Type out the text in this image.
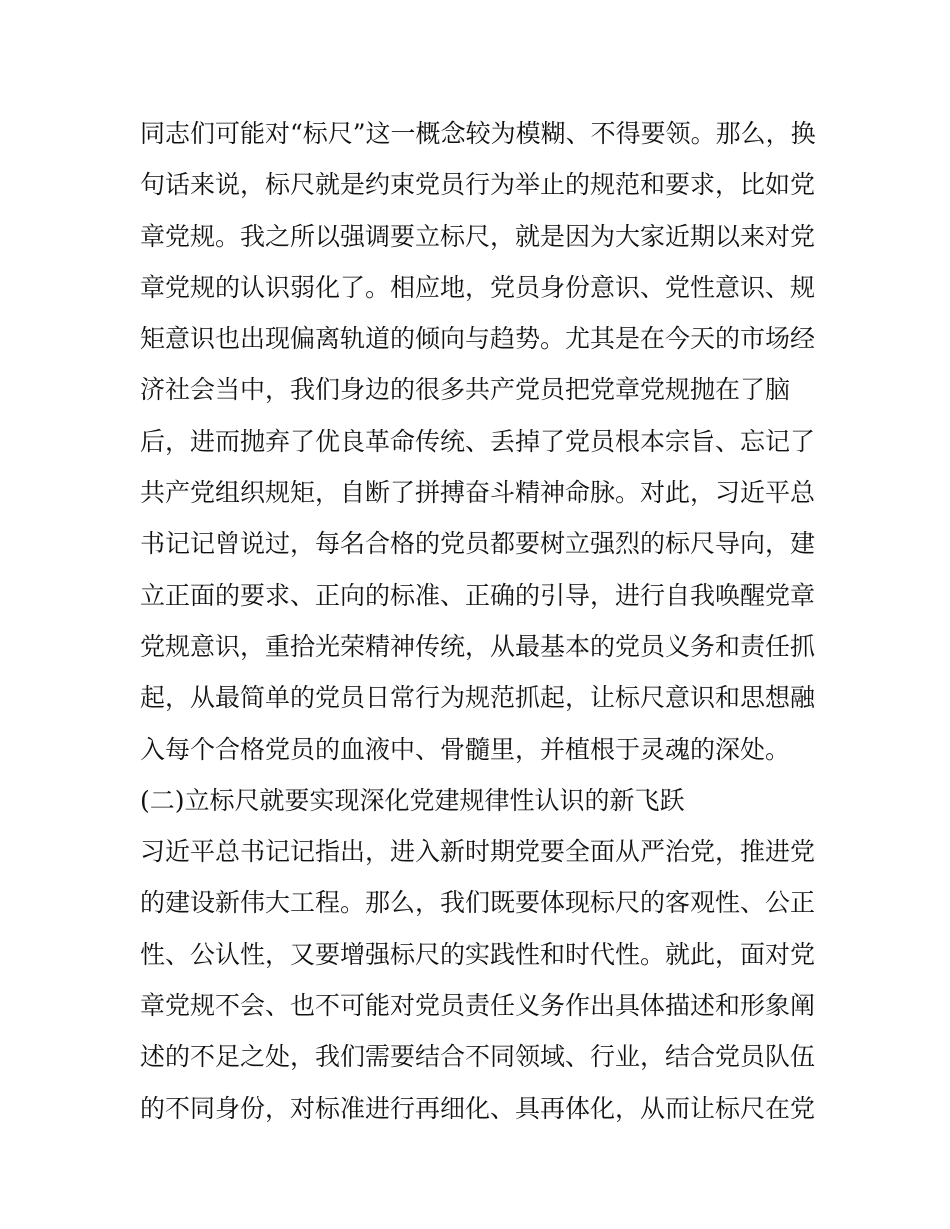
同志们可能对“标尺”这一概念较为模糊、不得要领。那么，换
句话来说，标尺就是约束党员行为举止的规范和要求，比如党
章党规。我之所以强调要立标尺，就是因为大家近期以来对党
章党规的认识弱化了。相应地，党员身份意识、党性意识、规
矩意识也出现偏离轨道的倾向与趋势。尤其是在今天的市场经
济社会当中，我们身边的很多共产党员把党章党规抛在了脑
后，进而抛弃了优良革命传统、丢掉了党员根本宗旨、忘记了
共产党组织规矩，自断了拼搏奋斗精神命脉。对此，习近平总
书记记曾说过，每名合格的党员都要树立强烈的标尺导向，建
立正面的要求、正向的标准、正确的引导，进行自我唤醒党章
党规意识，重拾光荣精神传统，从最基本的党员义务和责任抓
起，从最简单的党员日常行为规范抓起，让标尺意识和思想融
入每个合格党员的血液中、骨髓里，并植根于灵魂的深处。
(二)立标尺就要实现深化党建规律性认识的新飞跃
习近平总书记记指出，进入新时期党要全面从严治党，推进党
的建设新伟大工程。那么，我们既要体现标尺的客观性、公正
性、公认性，又要增强标尺的实践性和时代性。就此，面对党
章党规不会、也不可能对党员责任义务作出具体描述和形象阐
述的不足之处，我们需要结合不同领域、行业，结合党员队伍
的不同身份，对标准进行再细化、具再体化，从而让标尺在党
